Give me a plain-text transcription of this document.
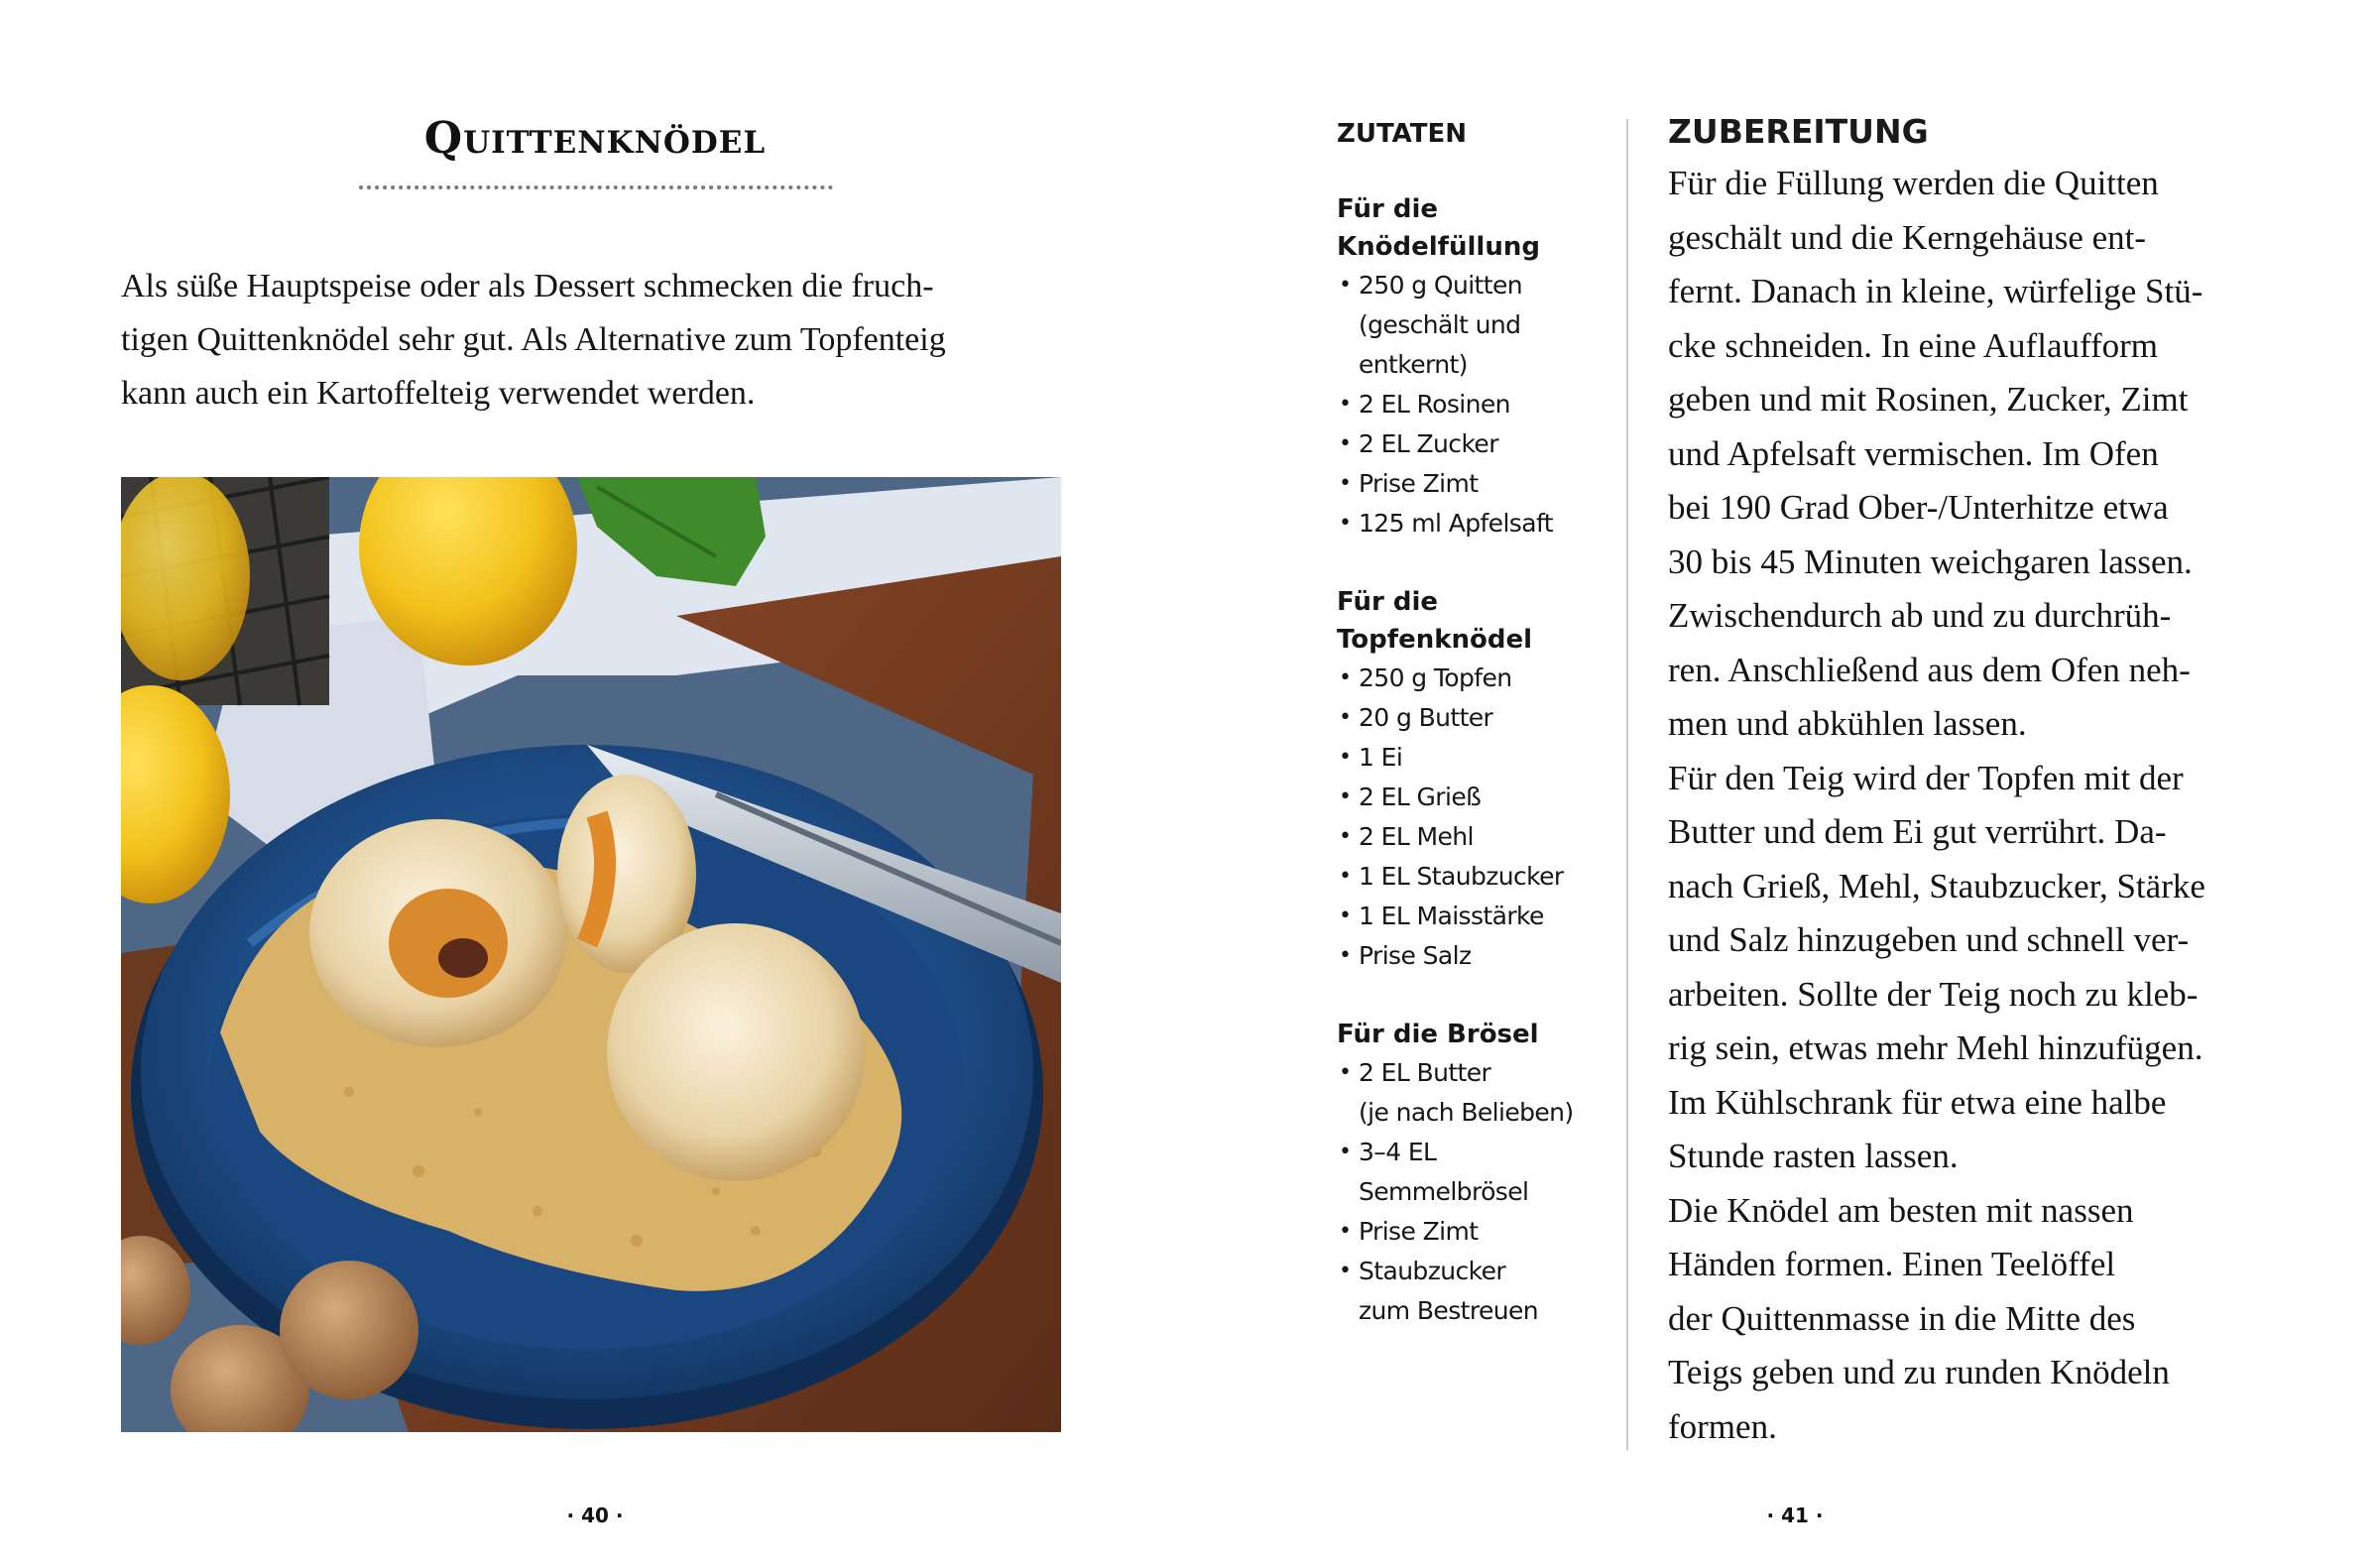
Quittenknödel

Als süße Hauptspeise oder als Dessert schmecken die fruch-
tigen Quittenknödel sehr gut. Als Alternative zum Topfenteig
kann auch ein Kartoffelteig verwendet werden.

· 40 ·
ZUTATEN
Für die Knödelfüllung
• 250 g Quitten
(geschält und
entkernt)
• 2 EL Rosinen
• 2 EL Zucker
• Prise Zimt
• 125 ml Apfelsaft
Für die Topfenknödel
• 250 g Topfen
• 20 g Butter
• 1 Ei
• 2 EL Grieß
• 2 EL Mehl
• 1 EL Staubzucker
• 1 EL Maisstärke
• Prise Salz
Für die Brösel
• 2 EL Butter
(je nach Belieben)
• 3–4 EL
Semmelbrösel
• Prise Zimt
• Staubzucker
zum Bestreuen
ZUBEREITUNG

Für die Füllung werden die Quitten
geschält und die Kerngehäuse ent-
fernt. Danach in kleine, würfelige Stü-
cke schneiden. In eine Auflaufform
geben und mit Rosinen, Zucker, Zimt
und Apfelsaft vermischen. Im Ofen
bei 190 Grad Ober-/Unterhitze etwa
30 bis 45 Minuten weichgaren lassen.
Zwischendurch ab und zu durchrüh-
ren. Anschließend aus dem Ofen neh-
men und abkühlen lassen.
Für den Teig wird der Topfen mit der
Butter und dem Ei gut verrührt. Da-
nach Grieß, Mehl, Staubzucker, Stärke
und Salz hinzugeben und schnell ver-
arbeiten. Sollte der Teig noch zu kleb-
rig sein, etwas mehr Mehl hinzufügen.
Im Kühlschrank für etwa eine halbe
Stunde rasten lassen.
Die Knödel am besten mit nassen
Händen formen. Einen Teelöffel
der Quittenmasse in die Mitte des
Teigs geben und zu runden Knödeln
formen.

· 41 ·
